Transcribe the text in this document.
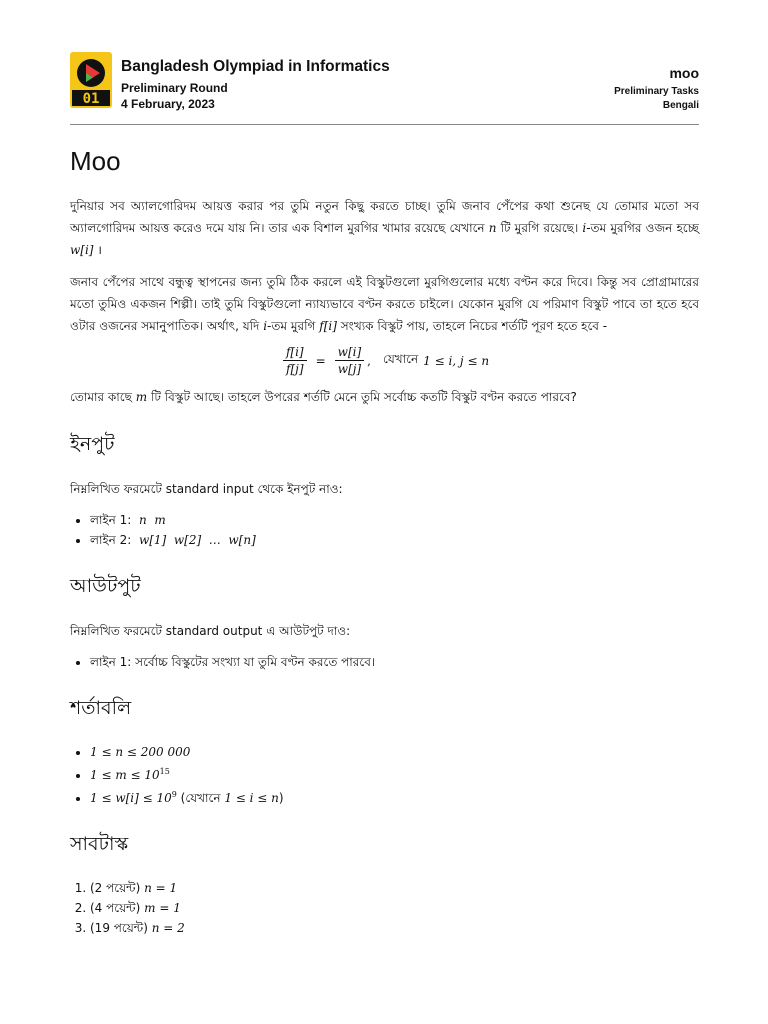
01
Bangladesh Olympiad in Informatics
Preliminary Round
4 February, 2023
moo
Preliminary Tasks
Bengali
Moo

দুনিয়ার সব অ্যালগোরিদম আয়ত্ত করার পর তুমি নতুন কিছু করতে চাচ্ছ। তুমি জনাব পেঁপের কথা শুনেছ যে তোমার মতো সব অ্যালগোরিদম আয়ত্ত করেও দমে যায় নি। তার এক বিশাল মুরগির খামার রয়েছে যেখানে n টি মুরগি রয়েছে। i-তম মুরগির ওজন হচ্ছে w[i] ।

জনাব পেঁপের সাথে বন্ধুত্ব স্থাপনের জন্য তুমি ঠিক করলে এই বিস্কুটগুলো মুরগিগুলোর মধ্যে বণ্টন করে দিবে। কিন্তু সব প্রোগ্রামারের মতো তুমিও একজন শিল্পী। তাই তুমি বিস্কুটগুলো ন্যায্যভাবে বণ্টন করতে চাইলে। যেকোন মুরগি যে পরিমাণ বিস্কুট পাবে তা হতে হবে ওটার ওজনের সমানুপাতিক। অর্থাৎ, যদি i-তম মুরগি f[i] সংখ্যক বিস্কুট পায়, তাহলে নিচের শর্তটি পূরণ হতে হবে -

$\frac{f[i]}{f[j]} = \frac{w[i]}{w[j]}$ , যেখানে 1 ≤ i, j ≤ n

তোমার কাছে m টি বিস্কুট আছে। তাহলে উপরের শর্তটি মেনে তুমি সর্বোচ্চ কতটি বিস্কুট বণ্টন করতে পারবে?

ইনপুট

নিম্নলিখিত ফরমেটে standard input থেকে ইনপুট নাও:

• লাইন 1: n  m
• লাইন 2: w[1]  w[2]  …  w[n]
আউটপুট

নিম্নলিখিত ফরমেটে standard output এ আউটপুট দাও:

• লাইন 1: সর্বোচ্চ বিস্কুটের সংখ্যা যা তুমি বণ্টন করতে পারবে।
শর্তাবলি
• 1 ≤ n ≤ 200 000
• $1 \le m \le 10^{15}$
• $1 \le w[i] \le 10^9$ (যেখানে 1 ≤ i ≤ n)
সাবটাস্ক
1. (2 পয়েন্ট) n = 1
2. (4 পয়েন্ট) m = 1
3. (19 পয়েন্ট) n = 2
